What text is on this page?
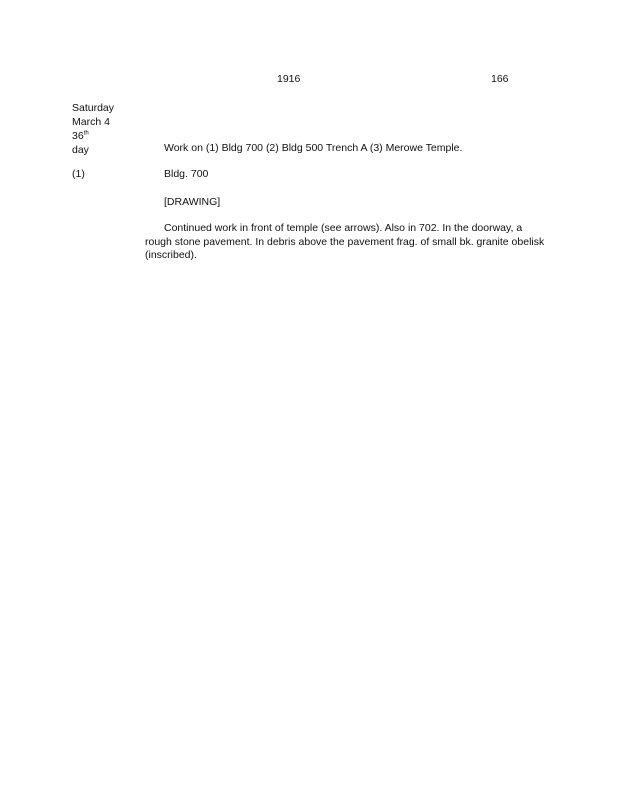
1916	166
Saturday
March 4
36th
day	Work on (1) Bldg 700 (2) Bldg 500 Trench A (3) Merowe Temple.
(1)	Bldg. 700
[DRAWING]
Continued work in front of temple (see arrows). Also in 702. In the doorway, a rough stone pavement. In debris above the pavement frag. of small bk. granite obelisk (inscribed).
